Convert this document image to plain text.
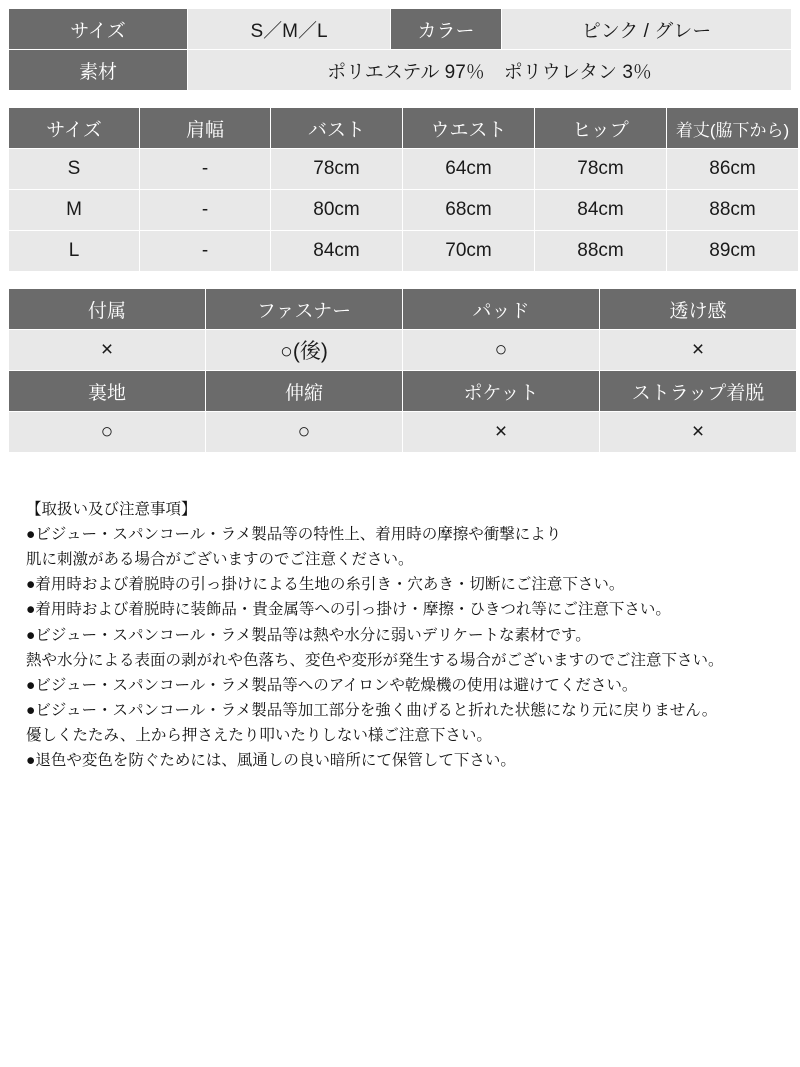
サイズ	S／M／L	カラー	ピンク / グレー
素材	ポリエステル 97％　ポリウレタン 3％		
サイズ	肩幅	バスト	ウエスト	ヒップ	着丈(脇下から)
S	-	78cm	64cm	78cm	86cm
M	-	80cm	68cm	84cm	88cm
L	-	84cm	70cm	88cm	89cm
付属	ファスナー	パッド	透け感
×	○(後)	○	×
裏地	伸縮	ポケット	ストラップ着脱
○	○	×	×
【取扱い及び注意事項】
●ビジュー・スパンコール・ラメ製品等の特性上、着用時の摩擦や衝撃により
肌に刺激がある場合がございますのでご注意ください。
●着用時および着脱時の引っ掛けによる生地の糸引き・穴あき・切断にご注意下さい。
●着用時および着脱時に装飾品・貴金属等への引っ掛け・摩擦・ひきつれ等にご注意下さい。
●ビジュー・スパンコール・ラメ製品等は熱や水分に弱いデリケートな素材です。
熱や水分による表面の剥がれや色落ち、変色や変形が発生する場合がございますのでご注意下さい。
●ビジュー・スパンコール・ラメ製品等へのアイロンや乾燥機の使用は避けてください。
●ビジュー・スパンコール・ラメ製品等加工部分を強く曲げると折れた状態になり元に戻りません。
優しくたたみ、上から押さえたり叩いたりしない様ご注意下さい。
●退色や変色を防ぐためには、風通しの良い暗所にて保管して下さい。
